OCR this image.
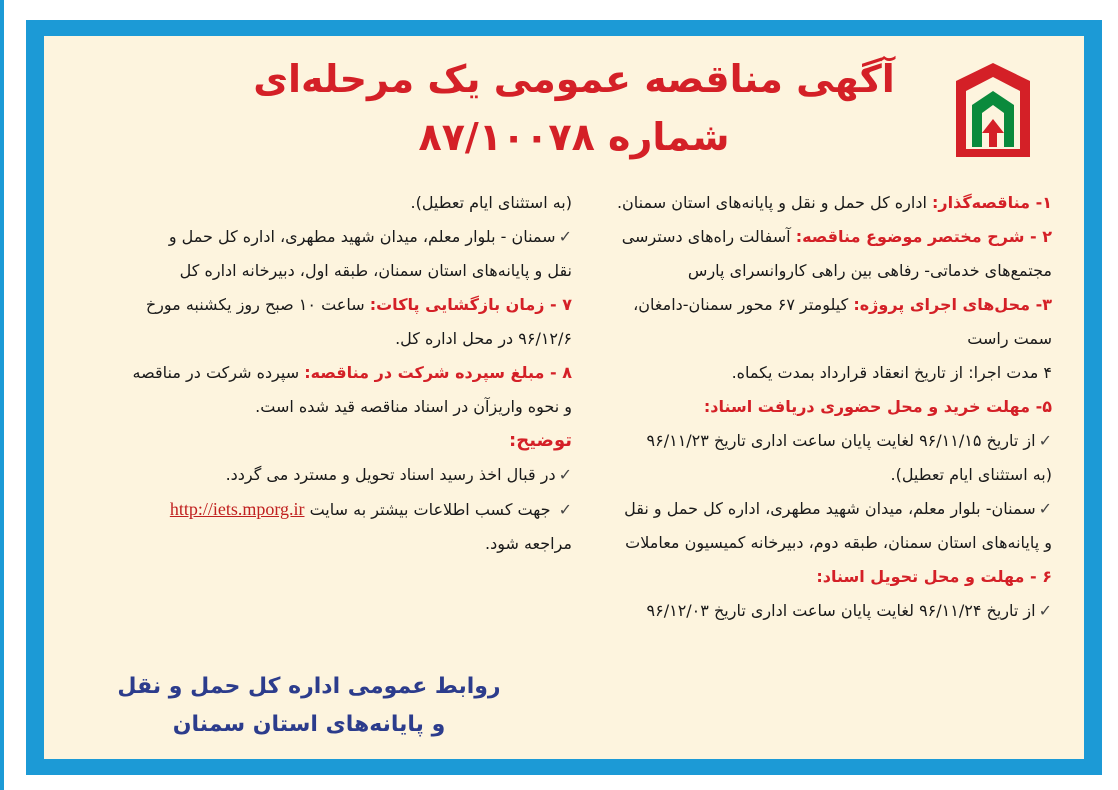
آگهی مناقصه عمومی یک مرحله‌ای
شماره ۸۷/۱۰۰۷۸
۱- مناقصه‌گذار: اداره کل حمل و نقل و پایانه‌های استان سمنان.
۲ - شرح مختصر موضوع مناقصه: آسفالت راه‌های دسترسی
مجتمع‌های خدماتی- رفاهی بین راهی کاروانسرای پارس
۳- محل‌های اجرای پروژه: کیلومتر ۶۷ محور سمنان-دامغان،
سمت راست
۴ مدت اجرا: از تاریخ انعقاد قرارداد بمدت یکماه.
۵- مهلت خرید و محل حضوری دریافت اسناد:
✓ از تاریخ ۹۶/۱۱/۱۵ لغایت پایان ساعت اداری تاریخ ۹۶/۱۱/۲۳
(به استثنای ایام تعطیل).
✓ سمنان- بلوار معلم، میدان شهید مطهری، اداره کل حمل و نقل
و پایانه‌های استان سمنان، طبقه دوم، دبیرخانه کمیسیون معاملات
۶ - مهلت و محل تحویل اسناد:
✓ از تاریخ ۹۶/۱۱/۲۴ لغایت پایان ساعت اداری تاریخ ۹۶/۱۲/۰۳
(به استثنای ایام تعطیل).
✓ سمنان - بلوار معلم، میدان شهید مطهری، اداره کل حمل و
نقل و پایانه‌های استان سمنان، طبقه اول، دبیرخانه اداره کل
۷ - زمان بازگشایی پاکات: ساعت ۱۰ صبح روز یکشنبه مورخ
۹۶/۱۲/۶ در محل اداره کل.
۸ - مبلغ سپرده شرکت در مناقصه: سپرده شرکت در مناقصه
و نحوه واریزآن در اسناد مناقصه قید شده است.
توضیح:
✓ در قبال اخذ رسید اسناد تحویل و مسترد می گردد.
✓ جهت کسب اطلاعات بیشتر به سایت http://iets.mporg.ir
مراجعه شود.
روابط عمومی اداره کل حمل و نقل
و پایانه‌های استان سمنان
